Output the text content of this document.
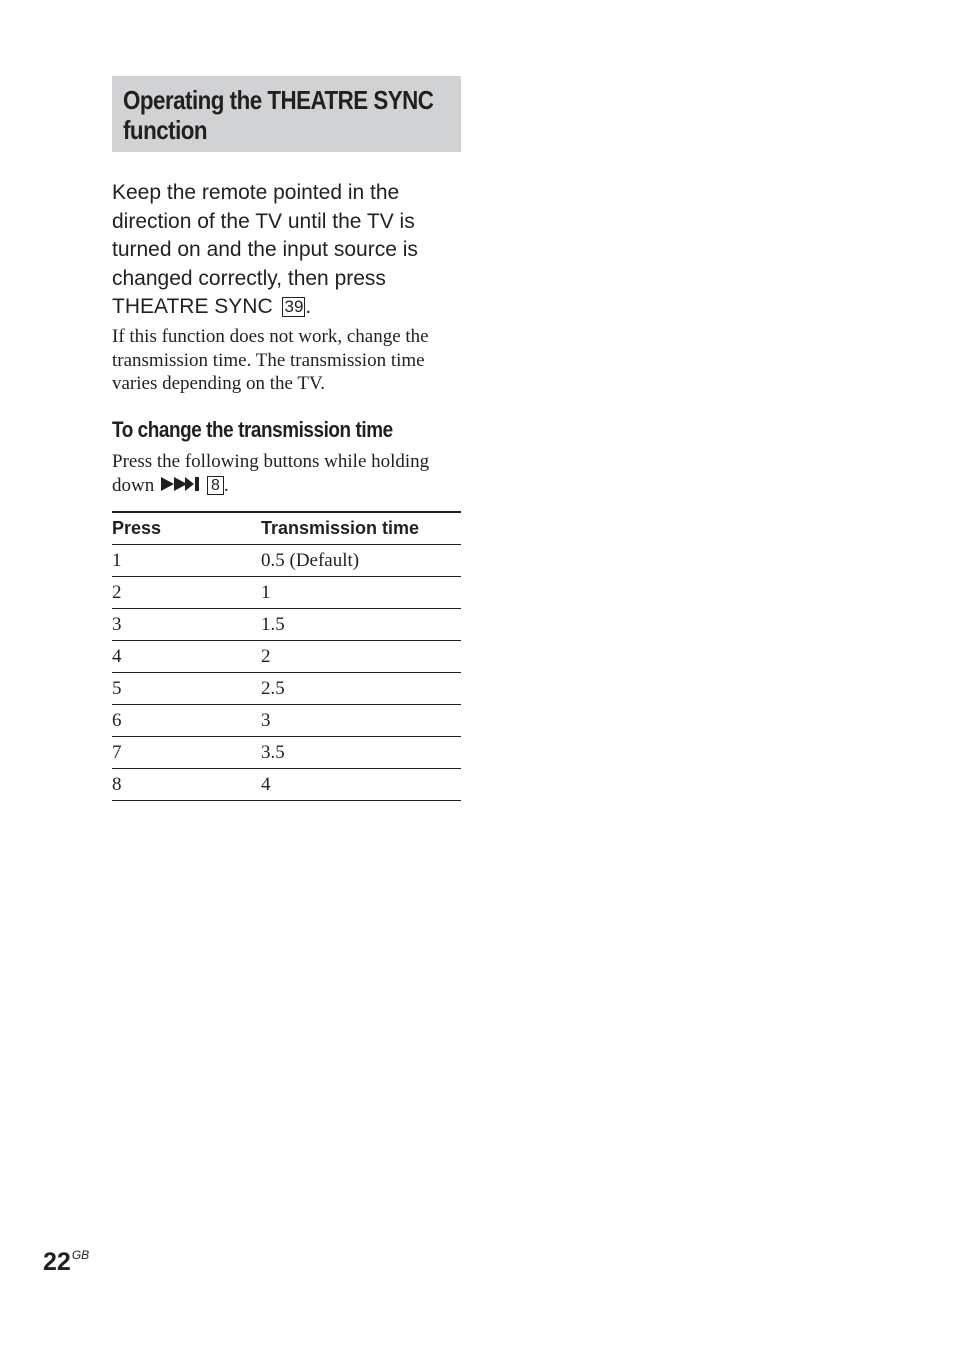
Operating the THEATRE SYNC function
Keep the remote pointed in the direction of the TV until the TV is turned on and the input source is changed correctly, then press THEATRE SYNC 39.
If this function does not work, change the transmission time. The transmission time varies depending on the TV.
To change the transmission time
Press the following buttons while holding down	8 .
Press	Transmission time
1	0.5 (Default)
2	1
3	1.5
4	2
5	2.5
6	3
7	3.5
8	4
$22^{GB}$
